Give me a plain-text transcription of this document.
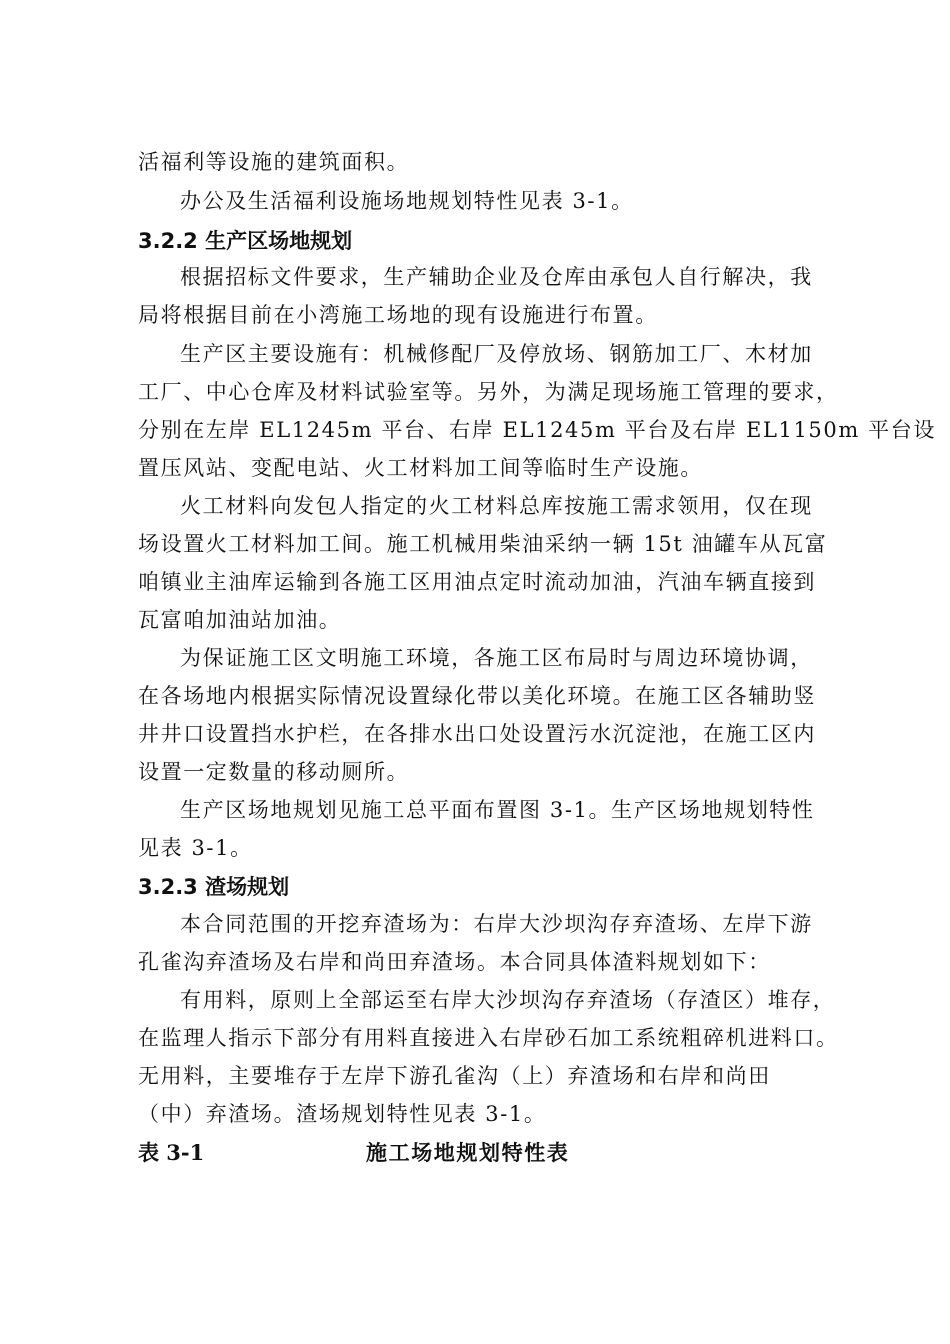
活福利等设施的建筑面积。
办公及生活福利设施场地规划特性见表 3-1。
3.2.2 生产区场地规划
根据招标文件要求，生产辅助企业及仓库由承包人自行解决，我
局将根据目前在小湾施工场地的现有设施进行布置。
生产区主要设施有：机械修配厂及停放场、钢筋加工厂、木材加
工厂、中心仓库及材料试验室等。另外，为满足现场施工管理的要求，
分别在左岸 EL1245m 平台、右岸 EL1245m 平台及右岸 EL1150m 平台设
置压风站、变配电站、火工材料加工间等临时生产设施。
火工材料向发包人指定的火工材料总库按施工需求领用，仅在现
场设置火工材料加工间。施工机械用柴油采纳一辆 15t 油罐车从瓦富
咱镇业主油库运输到各施工区用油点定时流动加油，汽油车辆直接到
瓦富咱加油站加油。
为保证施工区文明施工环境，各施工区布局时与周边环境协调，
在各场地内根据实际情况设置绿化带以美化环境。在施工区各辅助竖
井井口设置挡水护栏，在各排水出口处设置污水沉淀池，在施工区内
设置一定数量的移动厕所。
生产区场地规划见施工总平面布置图 3-1。生产区场地规划特性
见表 3-1。
3.2.3 渣场规划
本合同范围的开挖弃渣场为：右岸大沙坝沟存弃渣场、左岸下游
孔雀沟弃渣场及右岸和尚田弃渣场。本合同具体渣料规划如下：
有用料，原则上全部运至右岸大沙坝沟存弃渣场（存渣区）堆存，
在监理人指示下部分有用料直接进入右岸砂石加工系统粗碎机进料口。
无用料，主要堆存于左岸下游孔雀沟（上）弃渣场和右岸和尚田
（中）弃渣场。渣场规划特性见表 3-1。
表 3-1	施工场地规划特性表
